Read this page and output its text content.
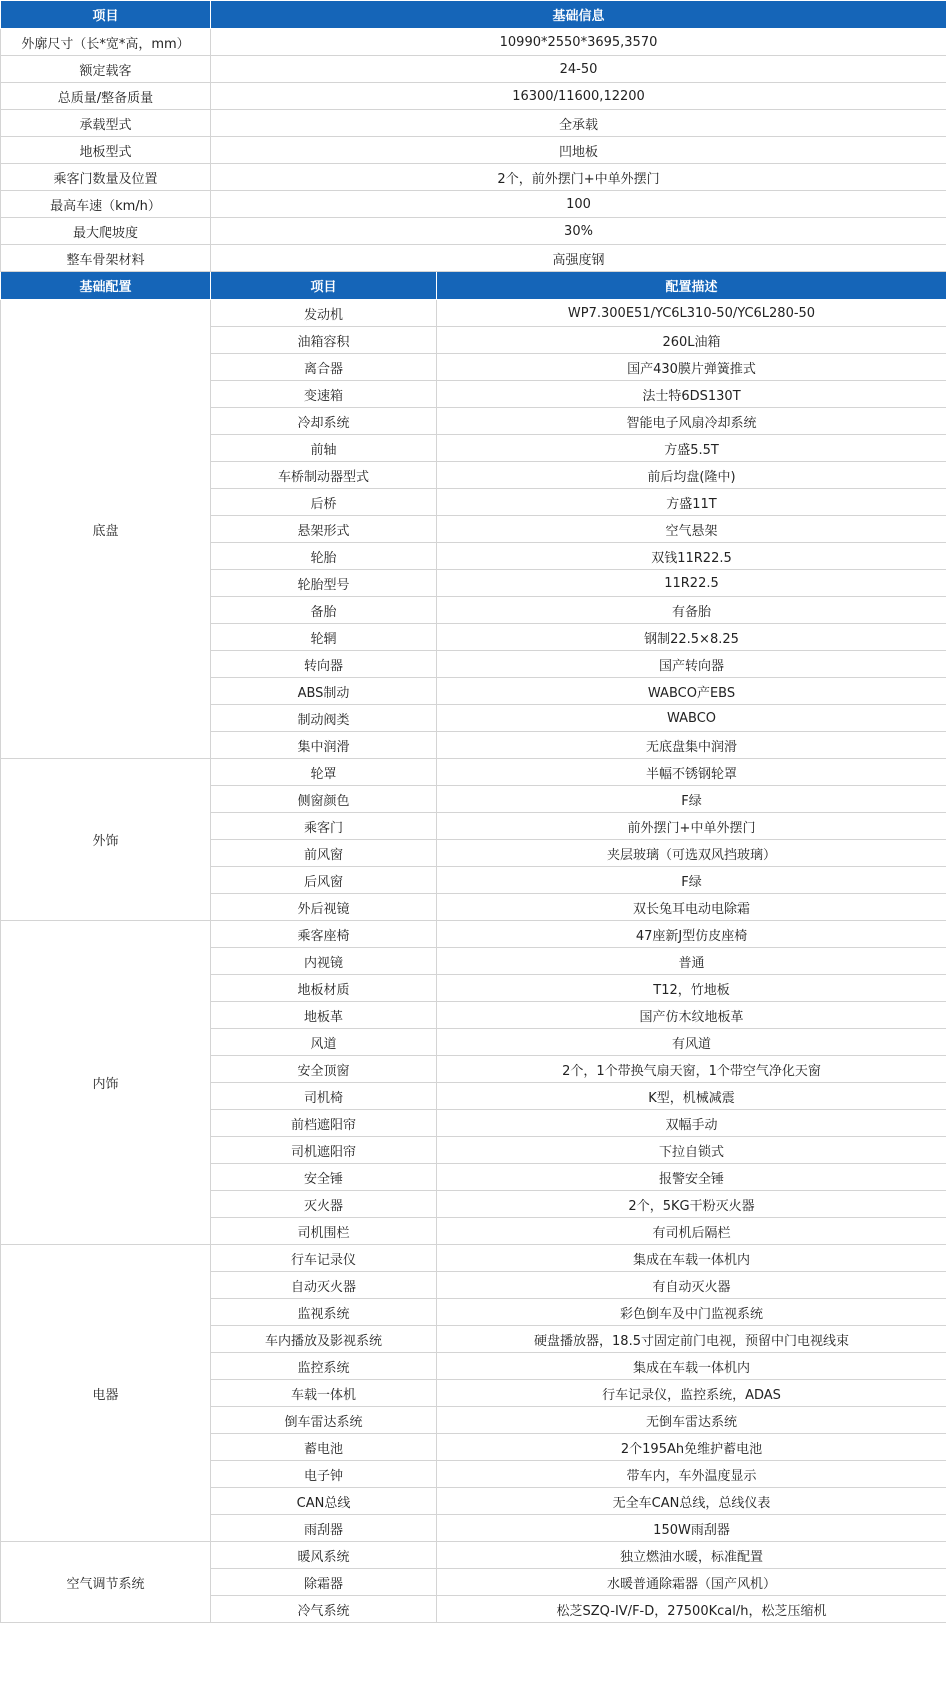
项目	基础信息	
外廓尺寸（长*宽*高，mm）	10990*2550*3695,3570	
额定载客	24-50	
总质量/整备质量	16300/11600,12200	
承载型式	全承载	
地板型式	凹地板	
乘客门数量及位置	2个，前外摆门+中单外摆门	
最高车速（km/h）	100	
最大爬坡度	30%	
整车骨架材料	高强度钢	
基础配置	项目	配置描述
底盘	发动机	WP7.300E51/YC6L310-50/YC6L280-50
	油箱容积	260L油箱
	离合器	国产430膜片弹簧推式
	变速箱	法士特6DS130T
	冷却系统	智能电子风扇冷却系统
	前轴	方盛5.5T
	车桥制动器型式	前后均盘(隆中)
	后桥	方盛11T
	悬架形式	空气悬架
	轮胎	双钱11R22.5
	轮胎型号	11R22.5
	备胎	有备胎
	轮辋	钢制22.5×8.25
	转向器	国产转向器
	ABS制动	WABCO产EBS
	制动阀类	WABCO
	集中润滑	无底盘集中润滑
外饰	轮罩	半幅不锈钢轮罩
	侧窗颜色	F绿
	乘客门	前外摆门+中单外摆门
	前风窗	夹层玻璃（可选双风挡玻璃）
	后风窗	F绿
	外后视镜	双长兔耳电动电除霜
内饰	乘客座椅	47座新J型仿皮座椅
	内视镜	普通
	地板材质	T12，竹地板
	地板革	国产仿木纹地板革
	风道	有风道
	安全顶窗	2个，1个带换气扇天窗，1个带空气净化天窗
	司机椅	K型，机械减震
	前档遮阳帘	双幅手动
	司机遮阳帘	下拉自锁式
	安全锤	报警安全锤
	灭火器	2个，5KG干粉灭火器
	司机围栏	有司机后隔栏
电器	行车记录仪	集成在车载一体机内
	自动灭火器	有自动灭火器
	监视系统	彩色倒车及中门监视系统
	车内播放及影视系统	硬盘播放器，18.5寸固定前门电视，预留中门电视线束
	监控系统	集成在车载一体机内
	车载一体机	行车记录仪，监控系统，ADAS
	倒车雷达系统	无倒车雷达系统
	蓄电池	2个195Ah免维护蓄电池
	电子钟	带车内，车外温度显示
	CAN总线	无全车CAN总线，总线仪表
	雨刮器	150W雨刮器
空气调节系统	暖风系统	独立燃油水暖，标准配置
	除霜器	水暖普通除霜器（国产风机）
	冷气系统	松芝SZQ-IV/F-D，27500Kcal/h，松芝压缩机
